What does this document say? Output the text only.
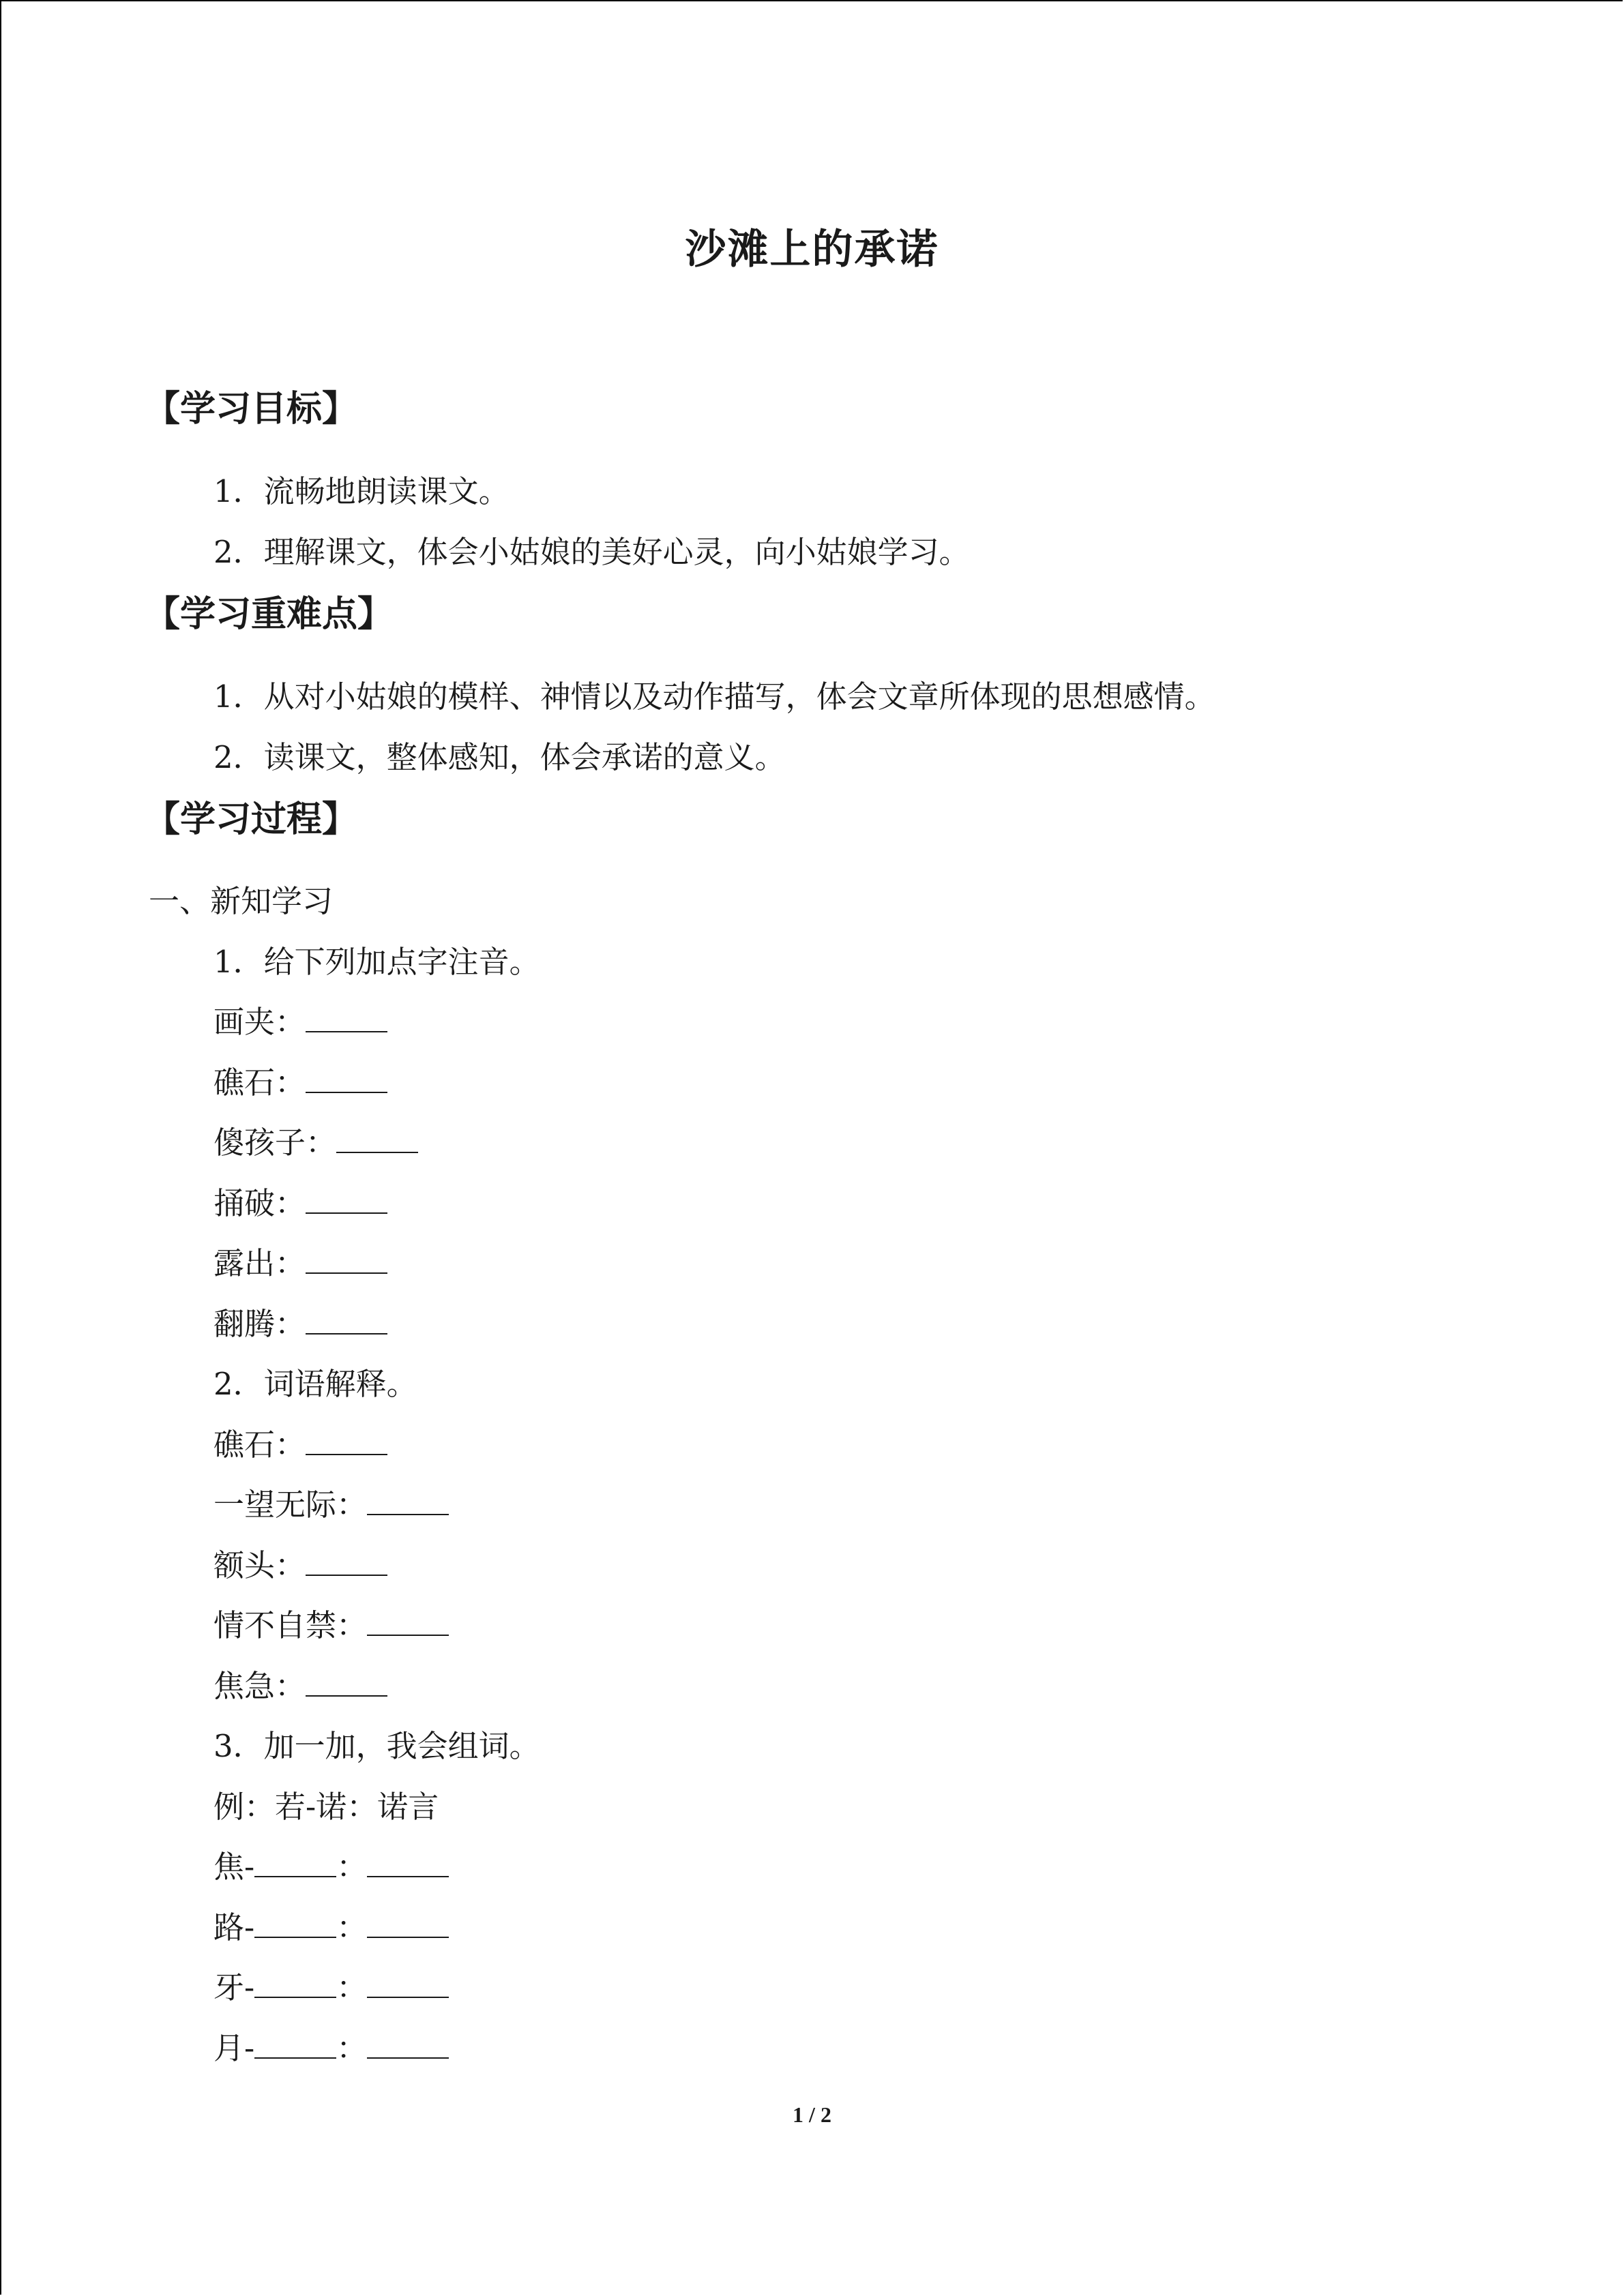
沙滩上的承诺
【学习目标】
1．流畅地朗读课文。
2．理解课文，体会小姑娘的美好心灵，向小姑娘学习。
【学习重难点】
1．从对小姑娘的模样、神情以及动作描写，体会文章所体现的思想感情。
2．读课文，整体感知，体会承诺的意义。
【学习过程】
一、新知学习
1．给下列加点字注音。
画夹：
礁石：
傻孩子：
捅破：
露出：
翻腾：
2．词语解释。
礁石：
一望无际：
额头：
情不自禁：
焦急：
3．加一加，我会组词。
例：若-诺：诺言
焦-	：
路-	：
牙-	：
月-	：
1 / 2
